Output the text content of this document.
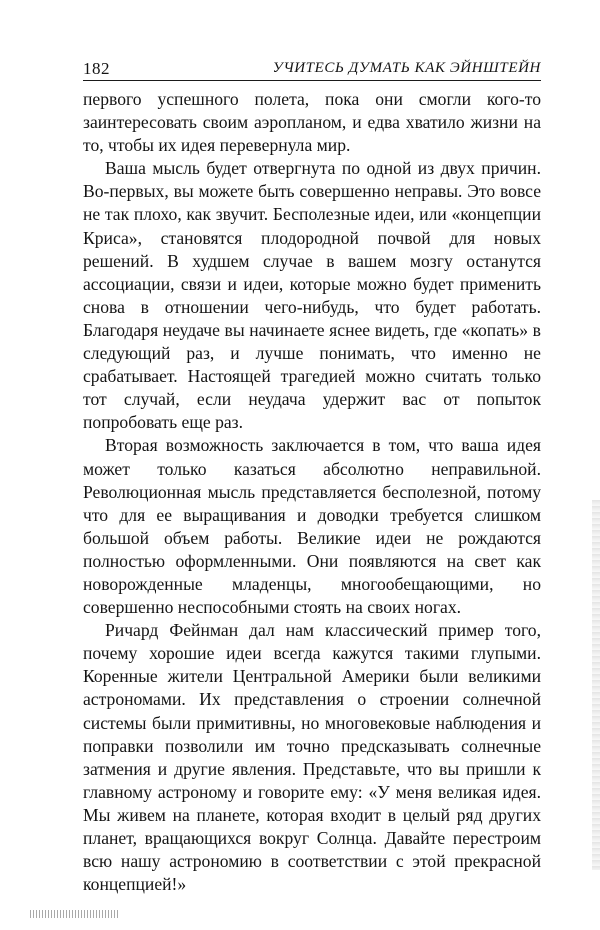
182	УЧИТЕСЬ ДУМАТЬ КАК ЭЙНШТЕЙН

первого успешного полета, пока они смогли кого-то заинтересовать своим аэропланом, и едва хватило жизни на то, чтобы их идея перевернула мир.

Ваша мысль будет отвергнута по одной из двух причин. Во-первых, вы можете быть совершенно неправы. Это вовсе не так плохо, как звучит. Бесполезные идеи, или «концепции Криса», становятся плодородной почвой для новых решений. В худшем случае в вашем мозгу останутся ассоциации, связи и идеи, которые можно будет применить снова в отношении чего-нибудь, что будет работать. Благодаря неудаче вы начинаете яснее видеть, где «копать» в следующий раз, и лучше понимать, что именно не срабатывает. Настоящей трагедией можно считать только тот случай, если неудача удержит вас от попыток попробовать еще раз.

Вторая возможность заключается в том, что ваша идея может только казаться абсолютно неправильной. Революционная мысль представляется бесполезной, потому что для ее выращивания и доводки требуется слишком большой объем работы. Великие идеи не рождаются полностью оформленными. Они появляются на свет как новорожденные младенцы, многообещающими, но совершенно неспособными стоять на своих ногах.

Ричард Фейнман дал нам классический пример того, почему хорошие идеи всегда кажутся такими глупыми. Коренные жители Центральной Америки были великими астрономами. Их представления о строении солнечной системы были примитивны, но многовековые наблюдения и поправки позволили им точно предсказывать солнечные затмения и другие явления. Представьте, что вы пришли к главному астроному и говорите ему: «У меня великая идея. Мы живем на планете, которая входит в целый ряд других планет, вращающихся вокруг Солнца. Давайте перестроим всю нашу астрономию в соответствии с этой прекрасной концепцией!»
